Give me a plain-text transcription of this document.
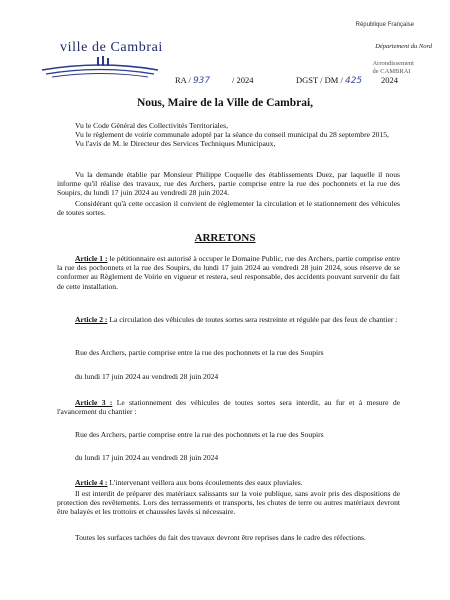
ville de Cambrai
République Française
Département du Nord
Arrondissement
de CAMBRAI
RA / 937	/ 2024	DGST / DM / 425 2024
Nous, Maire de la Ville de Cambrai,
Vu le Code Général des Collectivités Territoriales,
Vu le règlement de voirie communale adopté par la séance du conseil municipal du 28 septembre 2015,
Vu l'avis de M. le Directeur des Services Techniques Municipaux,
Vu la demande établie par Monsieur Philippe Coquelle des établissements Duez, par laquelle il nous informe qu'il réalise des travaux, rue des Archers, partie comprise entre la rue des pochonnets et la rue des Soupirs, du lundi 17 juin 2024 au vendredi 28 juin 2024.
Considérant qu'à cette occasion il convient de réglementer la circulation et le stationnement des véhicules de toutes sortes.
ARRETONS
Article 1 : le pétitionnaire est autorisé à occuper le Domaine Public, rue des Archers, partie comprise entre la rue des pochonnets et la rue des Soupirs, du lundi 17 juin 2024 au vendredi 28 juin 2024, sous réserve de se conformer au Règlement de Voirie en vigueur et restera, seul responsable, des accidents pouvant survenir du fait de cette installation.
Article 2 : La circulation des véhicules de toutes sortes sera restreinte et régulée par des feux de chantier :
Rue des Archers, partie comprise entre la rue des pochonnets et la rue des Soupirs
du lundi 17 juin 2024 au vendredi 28 juin 2024
Article 3 : Le stationnement des véhicules de toutes sortes sera interdit, au fur et à mesure de l'avancement du chantier :
Rue des Archers, partie comprise entre la rue des pochonnets et la rue des Soupirs
du lundi 17 juin 2024 au vendredi 28 juin 2024
Article 4 : L'intervenant veillera aux bons écoulements des eaux pluviales.
Il est interdit de préparer des matériaux salissants sur la voie publique, sans avoir pris des dispositions de protection des revêtements. Lors des terrassements et transports, les chutes de terre ou autres matériaux devront être balayés et les trottoirs et chaussées lavés si nécessaire.
Toutes les surfaces tachées du fait des travaux devront être reprises dans le cadre des réfections.
